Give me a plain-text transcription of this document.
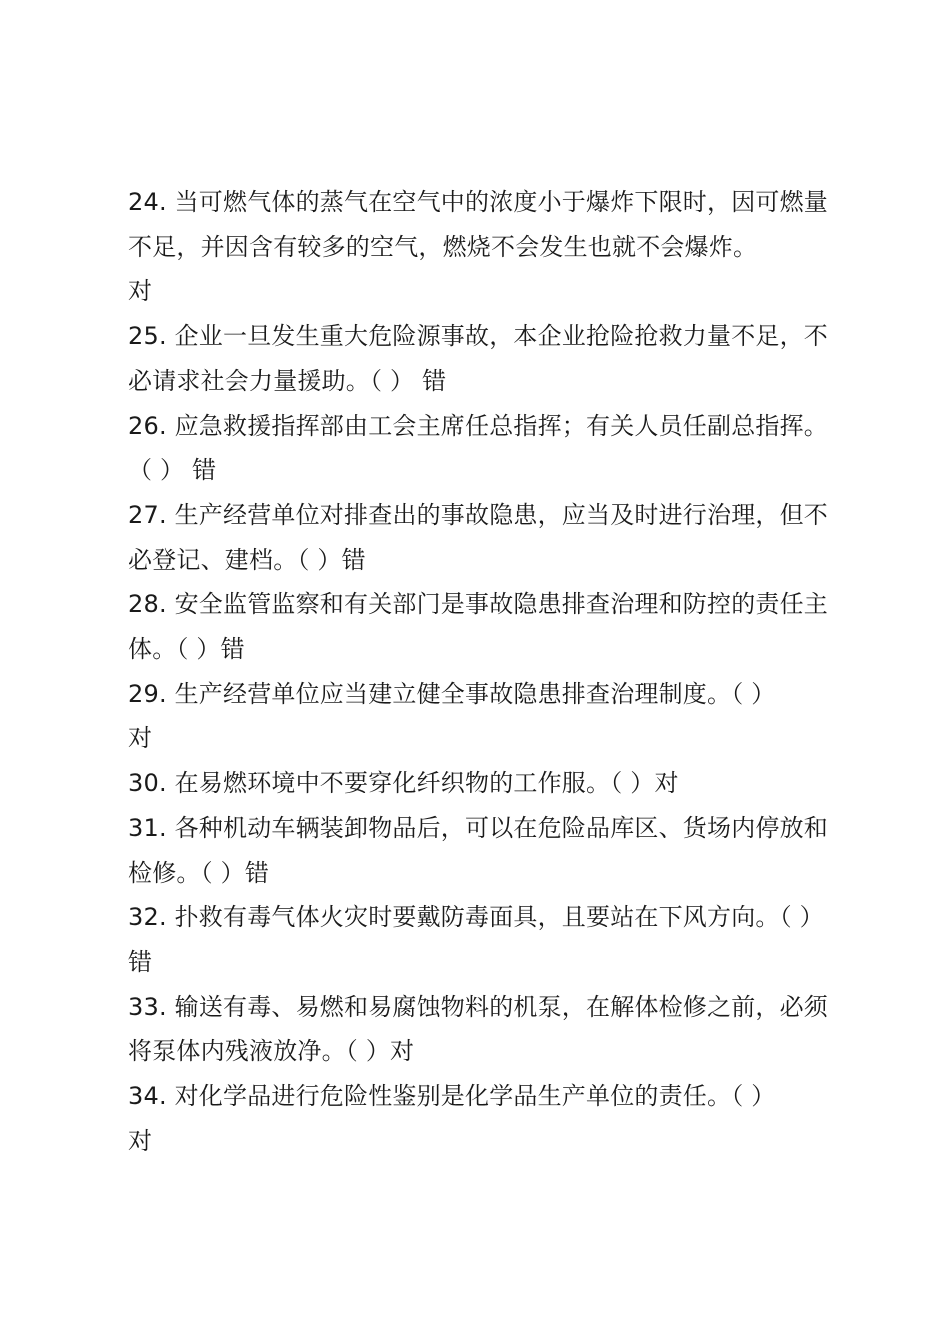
24. 当可燃气体的蒸气在空气中的浓度小于爆炸下限时，因可燃量不足，并因含有较多的空气，燃烧不会发生也就不会爆炸。
对

25. 企业一旦发生重大危险源事故，本企业抢险抢救力量不足，不必请求社会力量援助。（ ） 错

26. 应急救援指挥部由工会主席任总指挥；有关人员任副总指挥。（ ） 错

27. 生产经营单位对排查出的事故隐患，应当及时进行治理，但不必登记、建档。（ ）错

28. 安全监管监察和有关部门是事故隐患排查治理和防控的责任主体。（ ）错

29. 生产经营单位应当建立健全事故隐患排查治理制度。（ ）
对

30. 在易燃环境中不要穿化纤织物的工作服。（ ）对

31. 各种机动车辆装卸物品后，可以在危险品库区、货场内停放和检修。（ ）错

32. 扑救有毒气体火灾时要戴防毒面具，且要站在下风方向。（ ）错

33. 输送有毒、易燃和易腐蚀物料的机泵，在解体检修之前，必须将泵体内残液放净。（ ）对

34. 对化学品进行危险性鉴别是化学品生产单位的责任。（ ）
对
